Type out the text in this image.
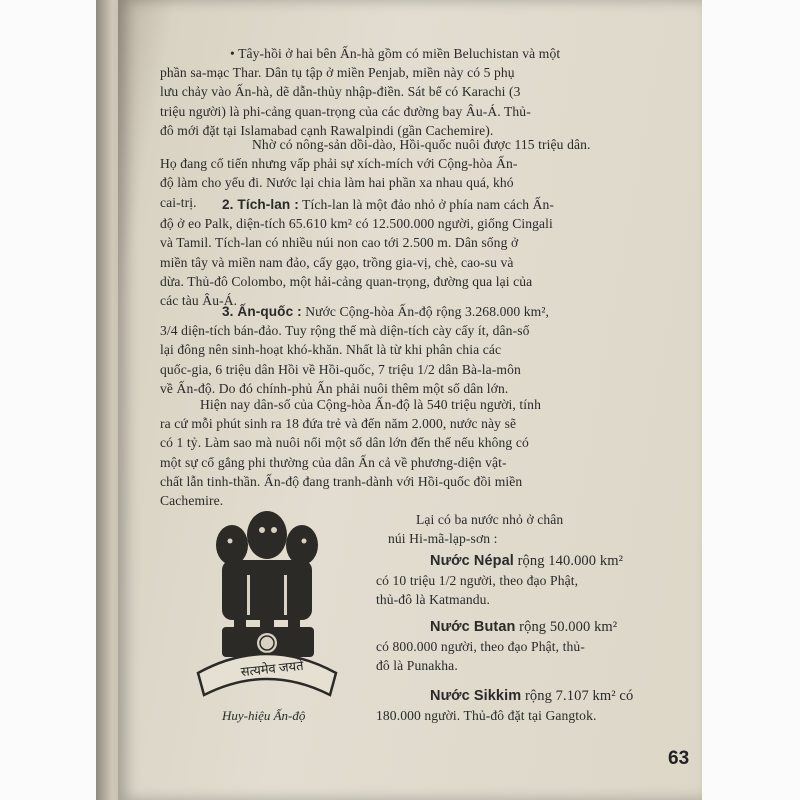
• Tây-hồi ở hai bên Ấn-hà gồm có miền Beluchistan và một
phần sa-mạc Thar. Dân tụ tập ở miền Penjab, miền này có 5 phụ
lưu chảy vào Ấn-hà, dẽ dẫn-thủy nhập-điền. Sát bể có Karachi (3
triệu người) là phi-cảng quan-trọng của các đường bay Âu-Á. Thủ-
đô mới đặt tại Islamabad cạnh Rawalpindi (gần Cachemire).
Nhờ có nông-sản dồi-dào, Hồi-quốc nuôi được 115 triệu dân.
Họ đang cố tiến nhưng vấp phải sự xích-mích với Cộng-hòa Ấn-
độ làm cho yếu đi. Nước lại chia làm hai phần xa nhau quá, khó
cai-trị.	2. Tích-lan : Tích-lan là một đảo nhỏ ở phía nam cách Ấn-
độ ở eo Palk, diện-tích 65.610 km² có 12.500.000 người, giống Cingali
và Tamil. Tích-lan có nhiều núi non cao tới 2.500 m. Dân sống ở
miền tây và miền nam đảo, cấy gạo, trồng gia-vị, chè, cao-su và
dừa. Thủ-đô Colombo, một hải-cảng quan-trọng, đường qua lại của
các tàu Âu-Á.
3. Ấn-quốc : Nước Cộng-hòa Ấn-độ rộng 3.268.000 km²,
3/4 diện-tích bán-đảo. Tuy rộng thế mà diện-tích cày cấy ít, dân-số
lại đông nên sinh-hoạt khó-khăn. Nhất là từ khi phân chia các
quốc-gia, 6 triệu dân Hồi về Hồi-quốc, 7 triệu 1/2 dân Bà-la-môn
về Ấn-độ. Do đó chính-phủ Ấn phải nuôi thêm một số dân lớn.
Hiện nay dân-số của Cộng-hòa Ấn-độ là 540 triệu người, tính
ra cứ mỗi phút sinh ra 18 đứa trẻ và đến năm 2.000, nước này sẽ
có 1 tỷ. Làm sao mà nuôi nổi một số dân lớn đến thế nếu không có
một sự cố gắng phi thường của dân Ấn cả về phương-diện vật-
chất lẫn tinh-thần. Ấn-độ đang tranh-dành với Hồi-quốc đồi miền
Cachemire.
सत्यमेव जयते
Huy-hiệu Ấn-độ
Lại có ba nước nhỏ ở chân
núi Hi-mã-lạp-sơn :
Nước Népal rộng 140.000 km²
có 10 triệu 1/2 người, theo đạo Phật,
thủ-đô là Katmandu.
Nước Butan rộng 50.000 km²
có 800.000 người, theo đạo Phật, thủ-
đô là Punakha.
Nước Sikkim rộng 7.107 km² có
180.000 người. Thủ-đô đặt tại Gangtok.
63
